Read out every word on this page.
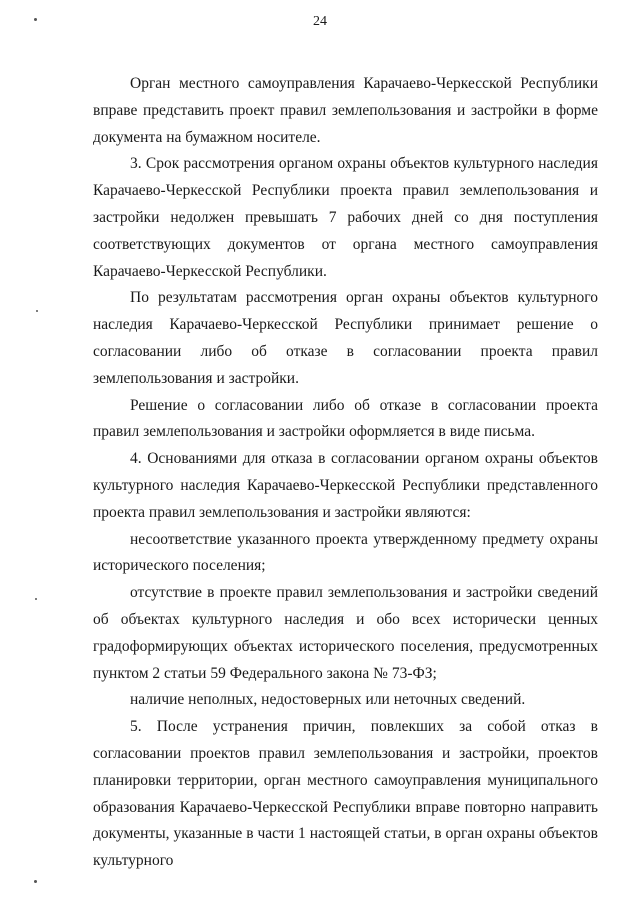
24

Орган местного самоуправления Карачаево-Черкесской Республики вправе представить проект правил землепользования и застройки в форме документа на бумажном носителе.

3. Срок рассмотрения органом охраны объектов культурного наследия Карачаево-Черкесской Республики проекта правил землепользования и застройки недолжен превышать 7 рабочих дней со дня поступления соответствующих документов от органа местного самоуправления Карачаево-Черкесской Республики.

По результатам рассмотрения орган охраны объектов культурного наследия Карачаево-Черкесской Республики принимает решение о согласовании либо об отказе в согласовании проекта правил землепользования и застройки.

Решение о согласовании либо об отказе в согласовании проекта правил землепользования и застройки оформляется в виде письма.

4. Основаниями для отказа в согласовании органом охраны объектов культурного наследия Карачаево-Черкесской Республики представленного проекта правил землепользования и застройки являются:

несоответствие указанного проекта утвержденному предмету охраны исторического поселения;

отсутствие в проекте правил землепользования и застройки сведений об объектах культурного наследия и обо всех исторически ценных градоформирующих объектах исторического поселения, предусмотренных пунктом 2 статьи 59 Федерального закона № 73-ФЗ;

наличие неполных, недостоверных или неточных сведений.

5. После устранения причин, повлекших за собой отказ в согласовании проектов правил землепользования и застройки, проектов планировки территории, орган местного самоуправления муниципального образования Карачаево-Черкесской Республики вправе повторно направить документы, указанные в части 1 настоящей статьи, в орган охраны объектов культурного
